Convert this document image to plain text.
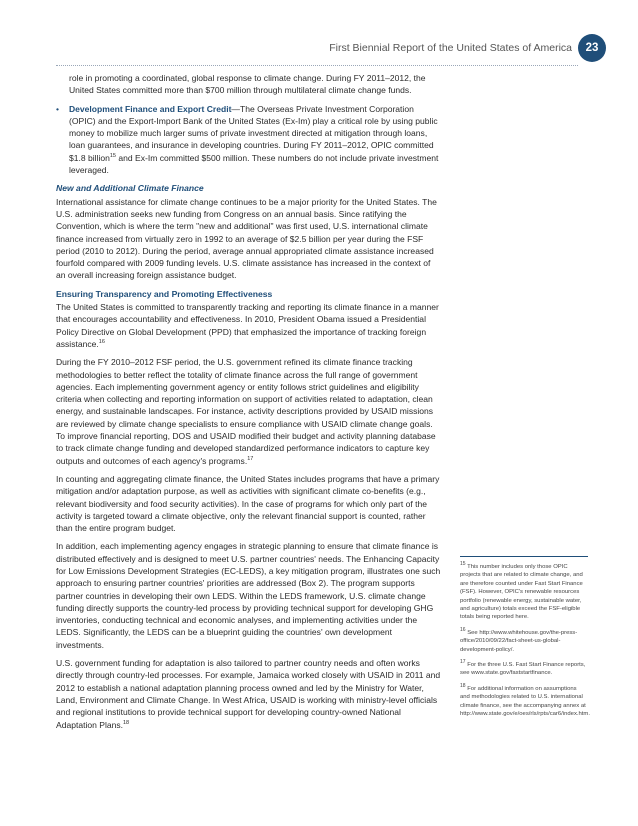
First Biennial Report of the United States of America	23

role in promoting a coordinated, global response to climate change. During FY 2011–2012, the United States committed more than $700 million through multilateral climate change funds.

• Development Finance and Export Credit—The Overseas Private Investment Corporation (OPIC) and the Export-Import Bank of the United States (Ex-Im) play a critical role by using public money to mobilize much larger sums of private investment directed at mitigation through loans, loan guarantees, and insurance in developing countries. During FY 2011–2012, OPIC committed $1.8 billion$^{15}$ and Ex-Im committed $500 million. These numbers do not include private investment leveraged.

New and Additional Climate Finance

International assistance for climate change continues to be a major priority for the United States. The U.S. administration seeks new funding from Congress on an annual basis. Since ratifying the Convention, which is where the term "new and additional" was first used, U.S. international climate finance increased from virtually zero in 1992 to an average of $2.5 billion per year during the FSF period (2010 to 2012). During the period, average annual appropriated climate assistance increased fourfold compared with 2009 funding levels. U.S. climate assistance has increased in the context of an overall increasing foreign assistance budget.

Ensuring Transparency and Promoting Effectiveness

The United States is committed to transparently tracking and reporting its climate finance in a manner that encourages accountability and effectiveness. In 2010, President Obama issued a Presidential Policy Directive on Global Development (PPD) that emphasized the importance of tracking foreign assistance.$^{16}$

During the FY 2010–2012 FSF period, the U.S. government refined its climate finance tracking methodologies to better reflect the totality of climate finance across the full range of government agencies. Each implementing government agency or entity follows strict guidelines and eligibility criteria when collecting and reporting information on support of activities related to adaptation, clean energy, and sustainable landscapes. For instance, activity descriptions provided by USAID missions are reviewed by climate change specialists to ensure compliance with USAID climate change goals. To improve financial reporting, DOS and USAID modified their budget and activity planning database to track climate change funding and developed standardized performance indicators to capture key outputs and outcomes of each agency's programs.$^{17}$

In counting and aggregating climate finance, the United States includes programs that have a primary mitigation and/or adaptation purpose, as well as activities with significant climate co-benefits (e.g., relevant biodiversity and food security activities). In the case of programs for which only part of the activity is targeted toward a climate objective, only the relevant financial support is counted, rather than the entire program budget.

In addition, each implementing agency engages in strategic planning to ensure that climate finance is distributed effectively and is designed to meet U.S. partner countries' needs. The Enhancing Capacity for Low Emissions Development Strategies (EC-LEDS), a key mitigation program, illustrates one such approach to ensuring partner countries' priorities are addressed (Box 2). The program supports partner countries in developing their own LEDS. Within the LEDS framework, U.S. climate change funding directly supports the country-led process by providing technical support for developing GHG inventories, conducting technical and economic analyses, and implementing activities under the LEDS. Significantly, the LEDS can be a blueprint guiding the countries' own development investments.

U.S. government funding for adaptation is also tailored to partner country needs and often works directly through country-led processes. For example, Jamaica worked closely with USAID in 2011 and 2012 to establish a national adaptation planning process owned and led by the Ministry for Water, Land, Environment and Climate Change. In West Africa, USAID is working with ministry-level officials and regional institutions to provide technical support for developing country-owned National Adaptation Plans.$^{18}$

$^{15}$ This number includes only those OPIC projects that are related to climate change, and are therefore counted under Fast Start Finance (FSF). However, OPIC's renewable resources portfolio (renewable energy, sustainable water, and agriculture) totals exceed the FSF-eligible totals being reported here.

$^{16}$ See http://www.whitehouse.gov/the-press-office/2010/09/22/fact-sheet-us-global-development-policy/.

$^{17}$ For the three U.S. Fast Start Finance reports, see www.state.gov/faststartfinance.

$^{18}$ For additional information on assumptions and methodologies related to U.S. international climate finance, see the accompanying annex at http://www.state.gov/e/oes/rls/rpts/car6/index.htm.
